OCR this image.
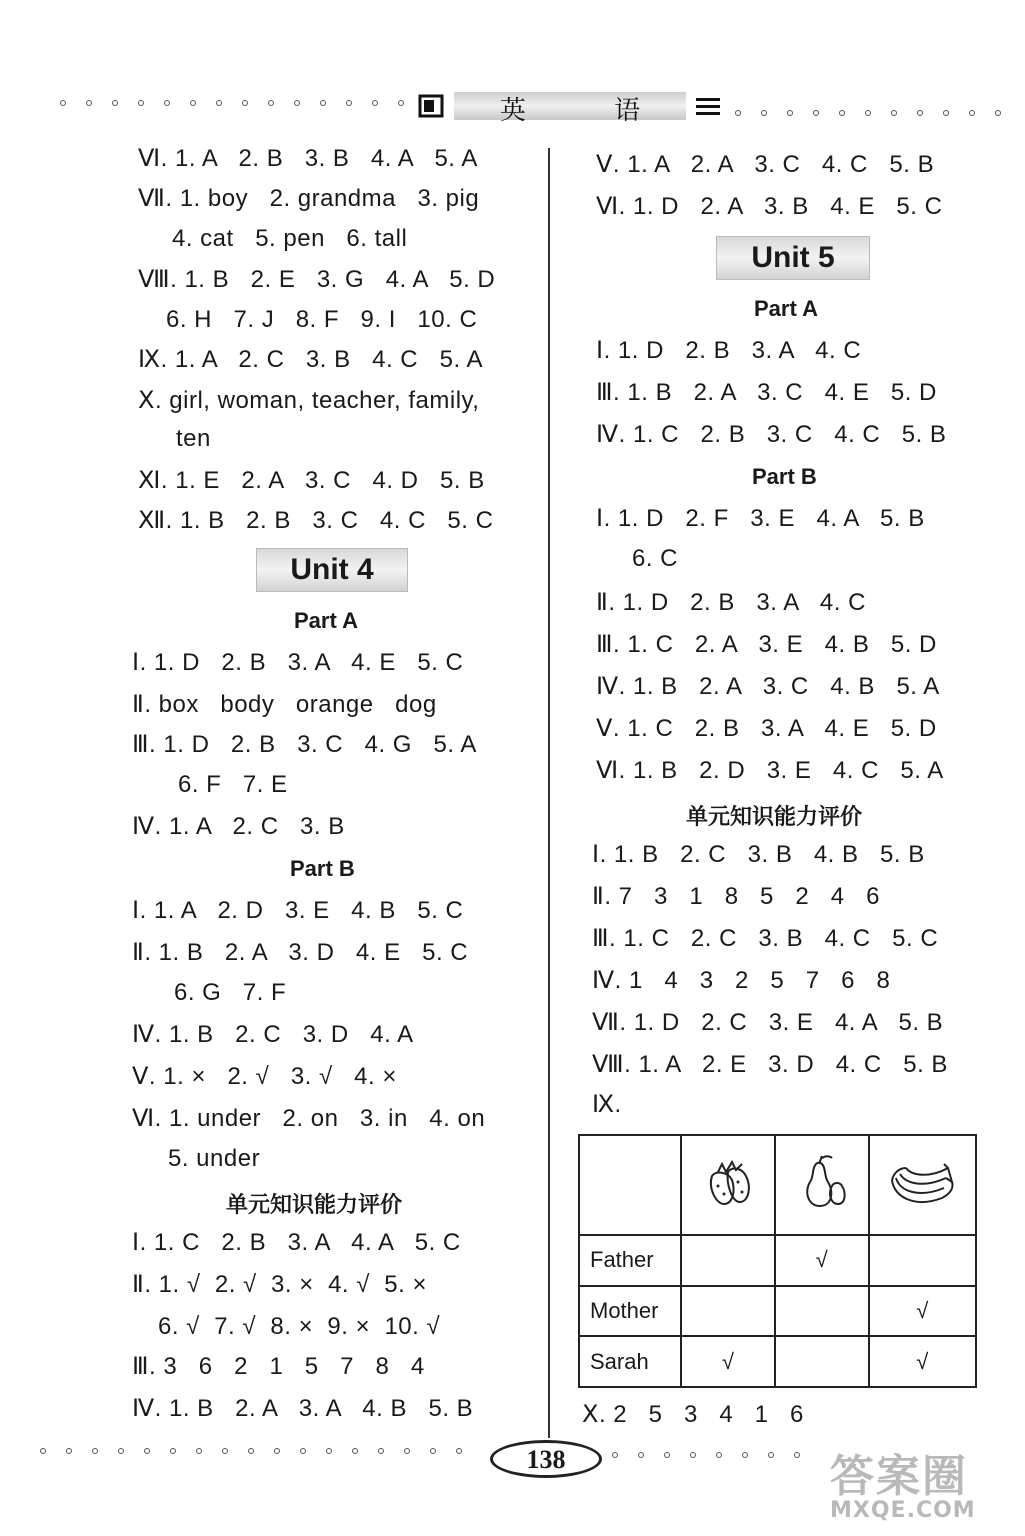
英 语
Ⅵ. 1. A   2. B   3. B   4. A   5. A
Ⅶ. 1. boy   2. grandma   3. pig
4. cat   5. pen   6. tall
Ⅷ. 1. B   2. E   3. G   4. A   5. D
6. H   7. J   8. F   9. I   10. C
Ⅸ. 1. A   2. C   3. B   4. C   5. A
Ⅹ. girl, woman, teacher, family,
ten
Ⅺ. 1. E   2. A   3. C   4. D   5. B
Ⅻ. 1. B   2. B   3. C   4. C   5. C
Unit 4
Part A
Ⅰ. 1. D   2. B   3. A   4. E   5. C
Ⅱ. box   body   orange   dog
Ⅲ. 1. D   2. B   3. C   4. G   5. A
6. F   7. E
Ⅳ. 1. A   2. C   3. B
Part B
Ⅰ. 1. A   2. D   3. E   4. B   5. C
Ⅱ. 1. B   2. A   3. D   4. E   5. C
6. G   7. F
Ⅳ. 1. B   2. C   3. D   4. A
Ⅴ. 1. ×   2. √   3. √   4. ×
Ⅵ. 1. under   2. on   3. in   4. on
5. under
单元知识能力评价
Ⅰ. 1. C   2. B   3. A   4. A   5. C
Ⅱ. 1. √  2. √  3. ×  4. √  5. ×
6. √  7. √  8. ×  9. ×  10. √
Ⅲ. 3   6   2   1   5   7   8   4
Ⅳ. 1. B   2. A   3. A   4. B   5. B
Ⅴ. 1. A   2. A   3. C   4. C   5. B
Ⅵ. 1. D   2. A   3. B   4. E   5. C
Unit 5
Part A
Ⅰ. 1. D   2. B   3. A   4. C
Ⅲ. 1. B   2. A   3. C   4. E   5. D
Ⅳ. 1. C   2. B   3. C   4. C   5. B
Part B
Ⅰ. 1. D   2. F   3. E   4. A   5. B
6. C
Ⅱ. 1. D   2. B   3. A   4. C
Ⅲ. 1. C   2. A   3. E   4. B   5. D
Ⅳ. 1. B   2. A   3. C   4. B   5. A
Ⅴ. 1. C   2. B   3. A   4. E   5. D
Ⅵ. 1. B   2. D   3. E   4. C   5. A
单元知识能力评价
Ⅰ. 1. B   2. C   3. B   4. B   5. B
Ⅱ. 7   3   1   8   5   2   4   6
Ⅲ. 1. C   2. C   3. B   4. C   5. C
Ⅳ. 1   4   3   2   5   7   6   8
Ⅶ. 1. D   2. C   3. E   4. A   5. B
Ⅷ. 1. A   2. E   3. D   4. C   5. B
Ⅸ.

Father		√	
Mother			√
Sarah	√		√
Ⅹ. 2   5   3   4   1   6
138	答案圈
MXQE.COM
